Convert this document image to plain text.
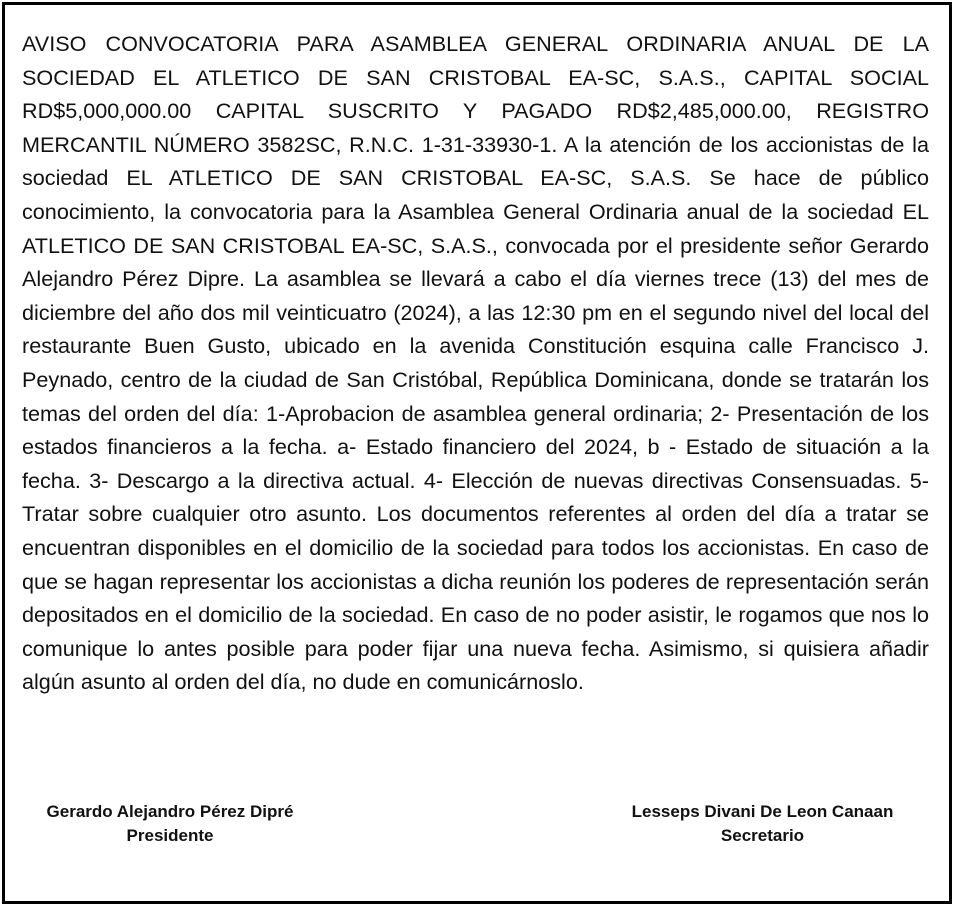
AVISO CONVOCATORIA PARA ASAMBLEA GENERAL ORDINARIA ANUAL DE LA SOCIEDAD EL ATLETICO DE SAN CRISTOBAL EA-SC, S.A.S., CAPITAL SOCIAL RD$5,000,000.00 CAPITAL SUSCRITO Y PAGADO RD$2,485,000.00, REGISTRO MERCANTIL NÚMERO 3582SC, R.N.C. 1-31-33930-1. A la atención de los accionistas de la sociedad EL ATLETICO DE SAN CRISTOBAL EA-SC, S.A.S. Se hace de público conocimiento, la convocatoria para la Asamblea General Ordinaria anual de la sociedad EL ATLETICO DE SAN CRISTOBAL EA-SC, S.A.S., convocada por el presidente señor Gerardo Alejandro Pérez Dipre. La asamblea se llevará a cabo el día viernes trece (13) del mes de diciembre del año dos mil veinticuatro (2024), a las 12:30 pm en el segundo nivel del local del restaurante Buen Gusto, ubicado en la avenida Constitución esquina calle Francisco J. Peynado, centro de la ciudad de San Cristóbal, República Dominicana, donde se tratarán los temas del orden del día: 1-Aprobacion de asamblea general ordinaria; 2- Presentación de los estados financieros a la fecha. a- Estado financiero del 2024, b - Estado de situación a la fecha. 3- Descargo a la directiva actual. 4- Elección de nuevas directivas Consensuadas. 5- Tratar sobre cualquier otro asunto. Los documentos referentes al orden del día a tratar se encuentran disponibles en el domicilio de la sociedad para todos los accionistas. En caso de que se hagan representar los accionistas a dicha reunión los poderes de representación serán depositados en el domicilio de la sociedad. En caso de no poder asistir, le rogamos que nos lo comunique lo antes posible para poder fijar una nueva fecha. Asimismo, si quisiera añadir algún asunto al orden del día, no dude en comunicárnoslo.

Gerardo Alejandro Pérez Dipré
Presidente
Lesseps Divani De Leon Canaan
Secretario
